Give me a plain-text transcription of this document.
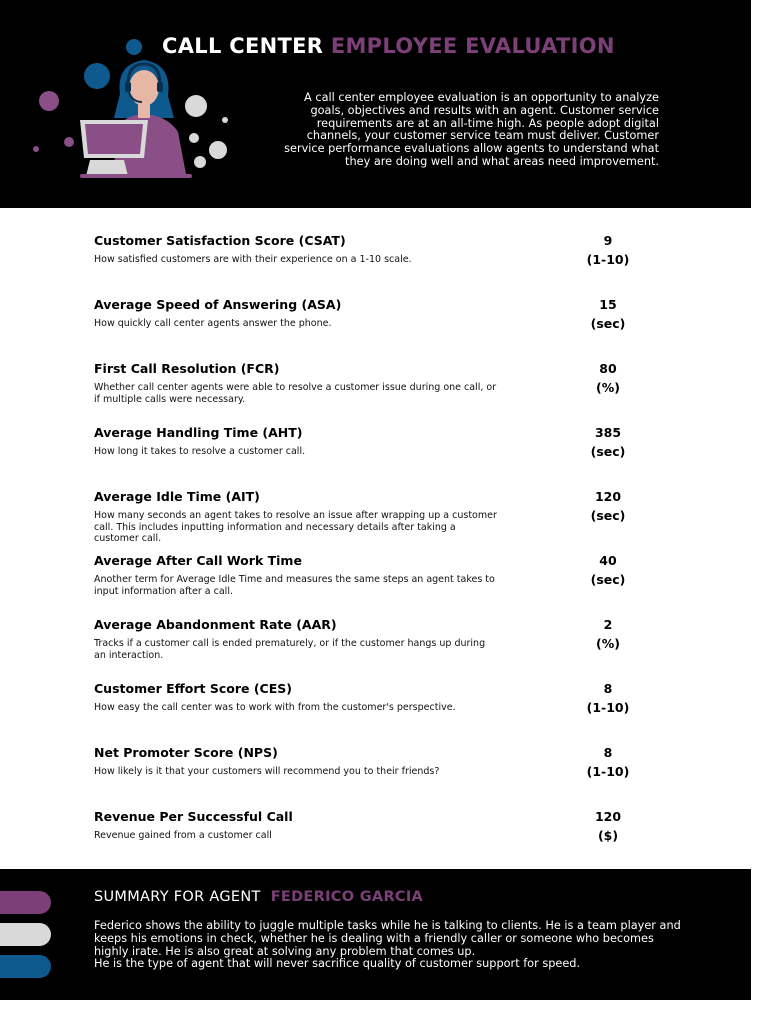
CALL CENTER EMPLOYEE EVALUATION

A call center employee evaluation is an opportunity to analyze goals, objectives and results with an agent. Customer service requirements are at an all-time high. As people adopt digital channels, your customer service team must deliver. Customer service performance evaluations allow agents to understand what they are doing well and what areas need improvement.

Customer Satisfaction Score (CSAT)
How satisfied customers are with their experience on a 1-10 scale.
9
(1-10)
Average Speed of Answering (ASA)
How quickly call center agents answer the phone.
15
(sec)
First Call Resolution (FCR)
Whether call center agents were able to resolve a customer issue during one call, or if multiple calls were necessary.
80
(%)
Average Handling Time (AHT)
How long it takes to resolve a customer call.
385
(sec)
Average Idle Time (AIT)
How many seconds an agent takes to resolve an issue after wrapping up a customer call. This includes inputting information and necessary details after taking a customer call.
120
(sec)
Average After Call Work Time
Another term for Average Idle Time and measures the same steps an agent takes to input information after a call.
40
(sec)
Average Abandonment Rate (AAR)
Tracks if a customer call is ended prematurely, or if the customer hangs up during an interaction.
2
(%)
Customer Effort Score (CES)
How easy the call center was to work with from the customer's perspective.
8
(1-10)
Net Promoter Score (NPS)
How likely is it that your customers will recommend you to their friends?
8
(1-10)
Revenue Per Successful Call
Revenue gained from a customer call
120
($)

SUMMARY FOR AGENT FEDERICO GARCIA

Federico shows the ability to juggle multiple tasks while he is talking to clients. He is a team player and keeps his emotions in check, whether he is dealing with a friendly caller or someone who becomes highly irate. He is also great at solving any problem that comes up.
He is the type of agent that will never sacrifice quality of customer support for speed.
